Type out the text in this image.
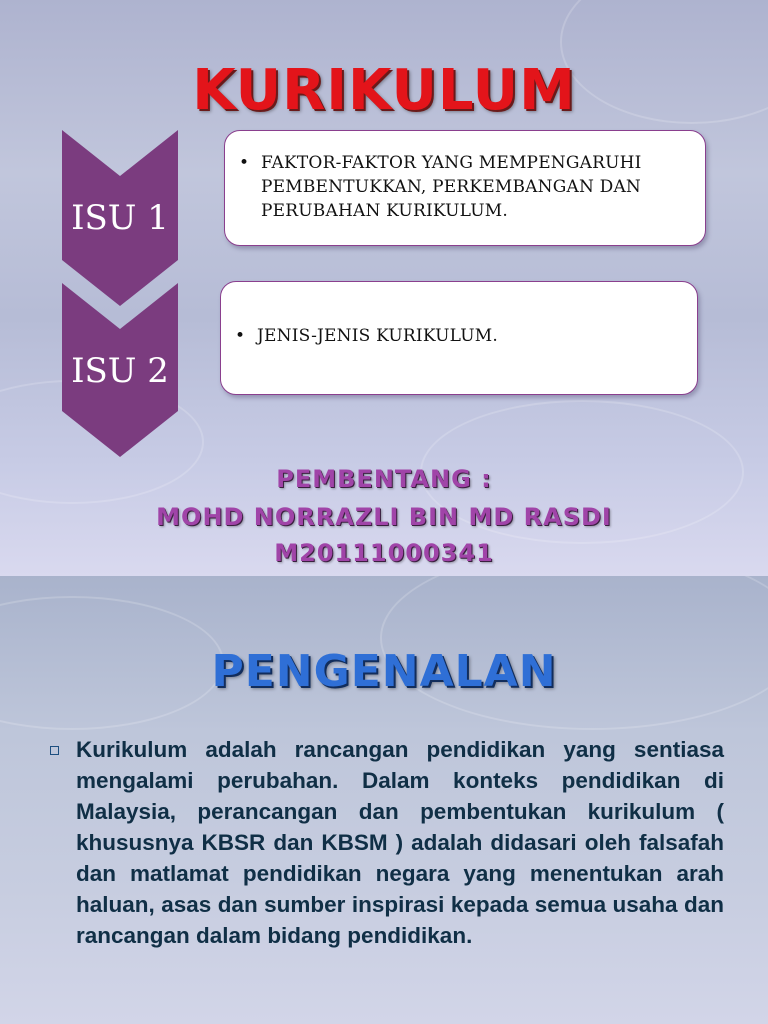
KURIKULUM
ISU 1
• FAKTOR-FAKTOR YANG MEMPENGARUHI PEMBENTUKKAN, PERKEMBANGAN DAN PERUBAHAN KURIKULUM.
ISU 2
• JENIS-JENIS KURIKULUM.
PEMBENTANG :
MOHD NORRAZLI BIN MD RASDI
M20111000341
PENGENALAN
Kurikulum adalah rancangan pendidikan yang sentiasa mengalami perubahan. Dalam konteks pendidikan di Malaysia, perancangan dan pembentukan kurikulum ( khususnya KBSR dan KBSM ) adalah didasari oleh falsafah dan matlamat pendidikan negara yang menentukan arah haluan, asas dan sumber inspirasi kepada semua usaha dan rancangan dalam bidang pendidikan.
